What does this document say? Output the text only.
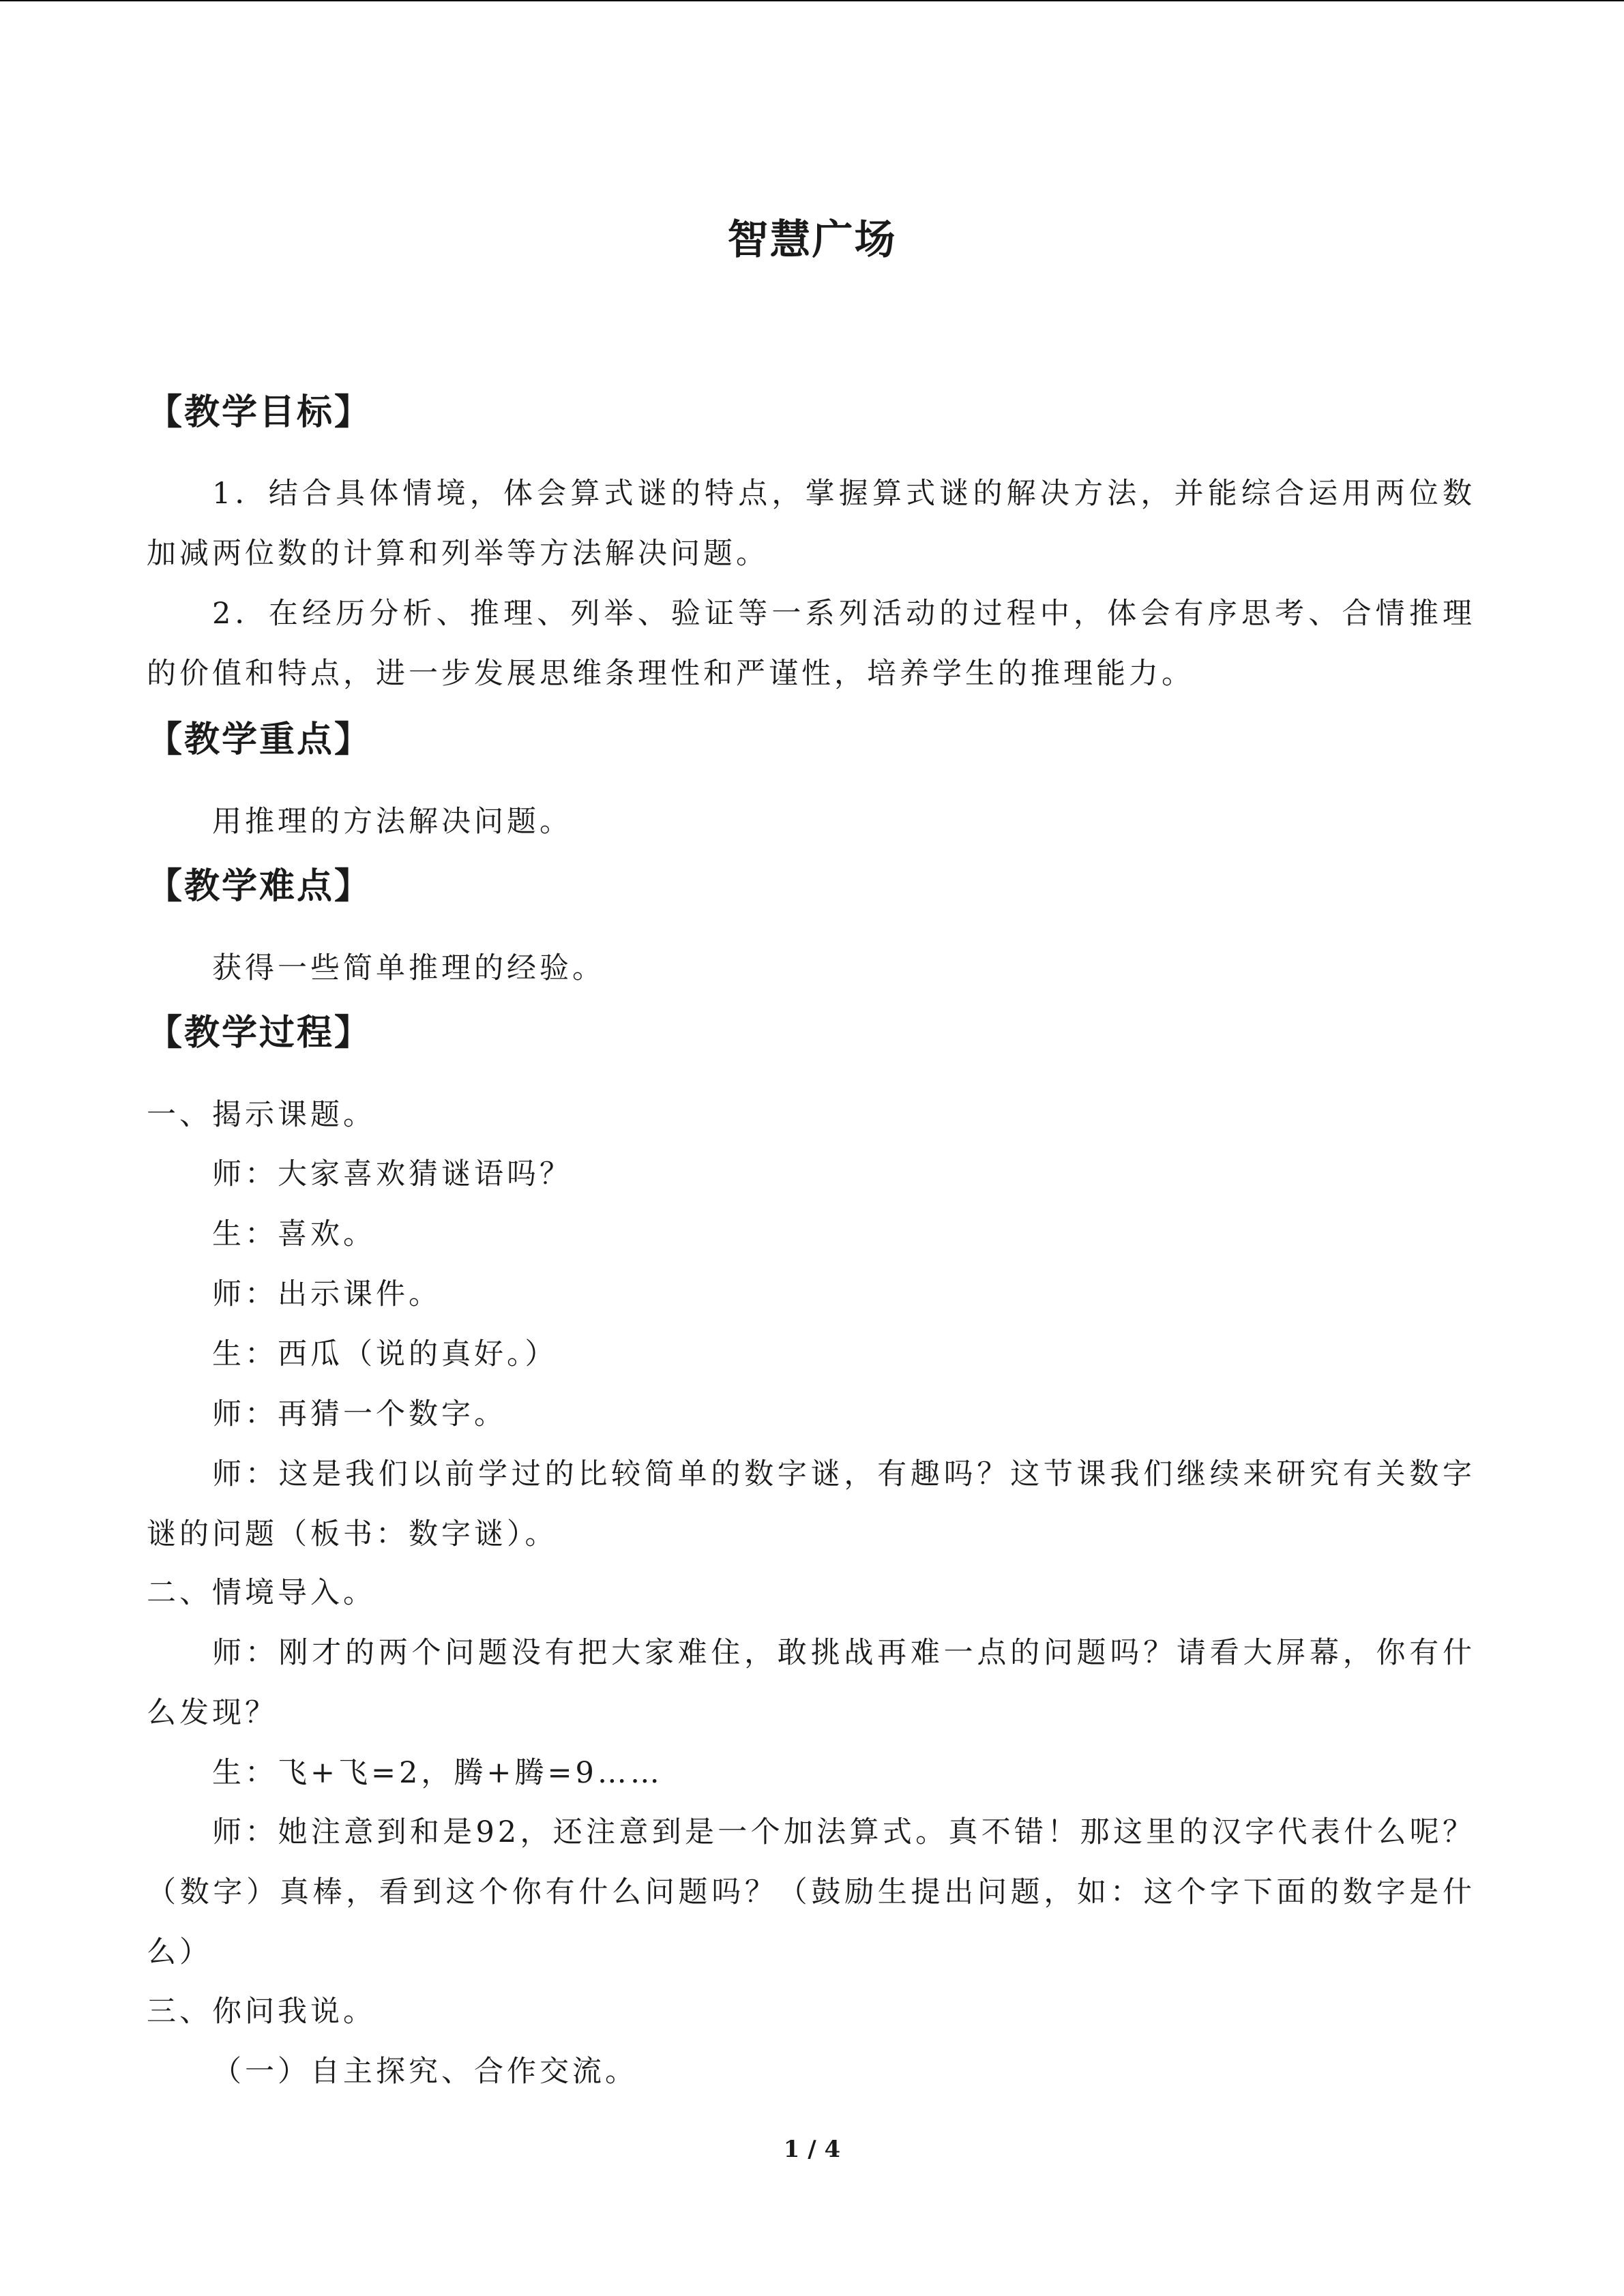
智慧广场
【教学目标】

1．结合具体情境，体会算式谜的特点，掌握算式谜的解决方法，并能综合运用两位数加减两位数的计算和列举等方法解决问题。

2．在经历分析、推理、列举、验证等一系列活动的过程中，体会有序思考、合情推理的价值和特点，进一步发展思维条理性和严谨性，培养学生的推理能力。

【教学重点】
用推理的方法解决问题。
【教学难点】
获得一些简单推理的经验。
【教学过程】
一、揭示课题。
师：大家喜欢猜谜语吗？
生：喜欢。
师：出示课件。
生：西瓜（说的真好。）
师：再猜一个数字。

师：这是我们以前学过的比较简单的数字谜，有趣吗？这节课我们继续来研究有关数字谜的问题（板书：数字谜）。

二、情境导入。

师：刚才的两个问题没有把大家难住，敢挑战再难一点的问题吗？请看大屏幕，你有什么发现？

生：飞+飞=2，腾+腾=9……

师：她注意到和是92，还注意到是一个加法算式。真不错！那这里的汉字代表什么呢？（数字）真棒，看到这个你有什么问题吗？（鼓励生提出问题，如：这个字下面的数字是什么）

三、你问我说。
（一）自主探究、合作交流。
1 / 4
